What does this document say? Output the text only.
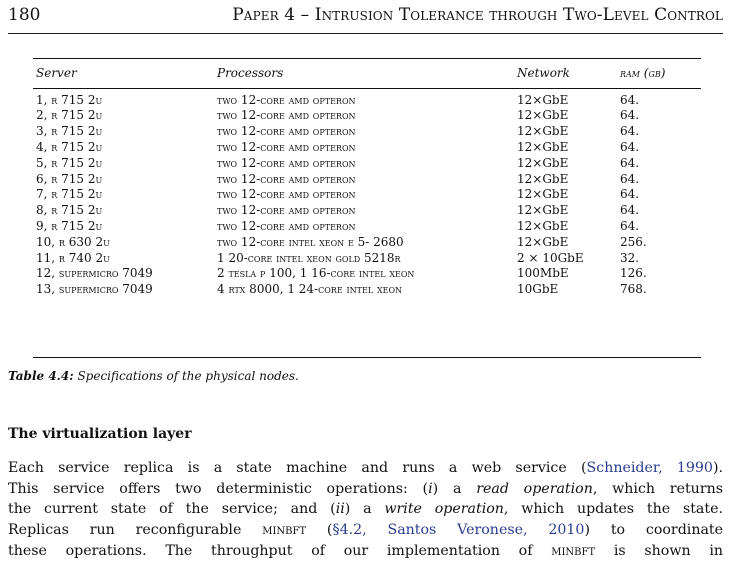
180	Paper 4 – Intrusion Tolerance through Two-Level Control
Server	Processors	Network	ram (gb)
1, r 715 2u	two 12-core amd opteron	12×GbE	64.
2, r 715 2u	two 12-core amd opteron	12×GbE	64.
3, r 715 2u	two 12-core amd opteron	12×GbE	64.
4, r 715 2u	two 12-core amd opteron	12×GbE	64.
5, r 715 2u	two 12-core amd opteron	12×GbE	64.
6, r 715 2u	two 12-core amd opteron	12×GbE	64.
7, r 715 2u	two 12-core amd opteron	12×GbE	64.
8, r 715 2u	two 12-core amd opteron	12×GbE	64.
9, r 715 2u	two 12-core amd opteron	12×GbE	64.
10, r 630 2u	two 12-core intel xeon e 5- 2680	12×GbE	256.
11, r 740 2u	1 20-core intel xeon gold 5218r	2 × 10GbE	32.
12, supermicro 7049	2 tesla p 100, 1 16-core intel xeon	100MbE	126.
13, supermicro 7049	4 rtx 8000, 1 24-core intel xeon	10GbE	768.
Table 4.4: Specifications of the physical nodes.
The virtualization layer
Each service replica is a state machine and runs a web service (Schneider, 1990).
This service offers two deterministic operations: (i) a read operation, which returns
the current state of the service; and (ii) a write operation, which updates the state.
Replicas run reconfigurable minbft (§4.2, Santos Veronese, 2010) to coordinate
these operations. The throughput of our implementation of minbft is shown in
